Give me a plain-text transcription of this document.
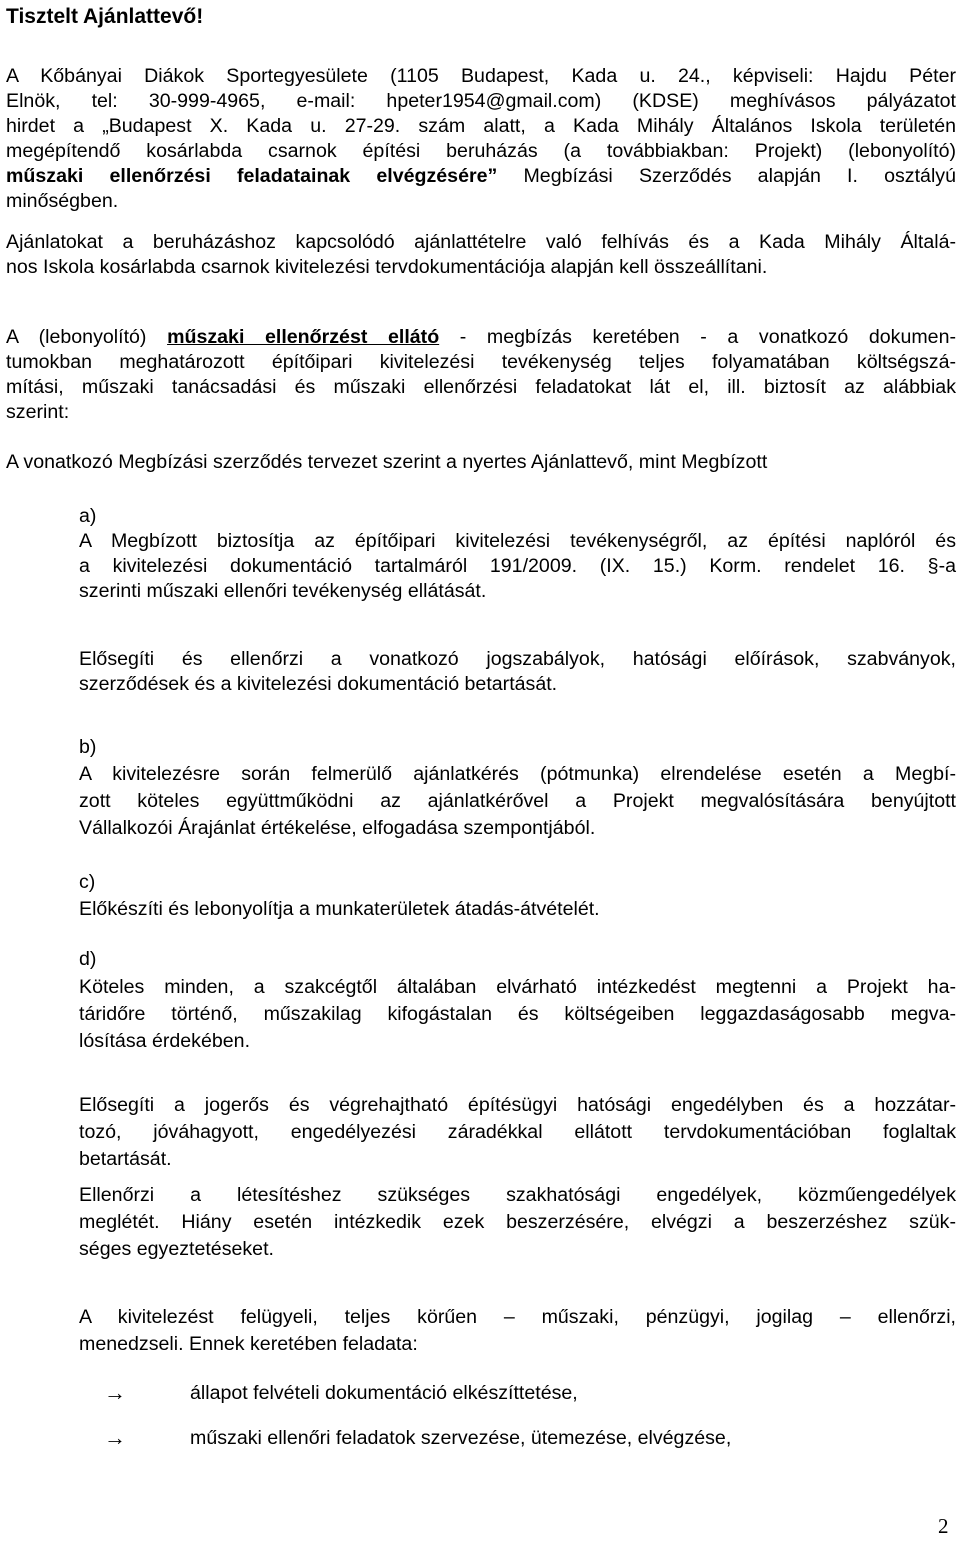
Tisztelt Ajánlattevő!
A Kőbányai Diákok Sportegyesülete (1105 Budapest, Kada u. 24., képviseli: Hajdu Péter
Elnök, tel: 30-999-4965, e-mail: hpeter1954@gmail.com) (KDSE) meghívásos pályázatot
hirdet a „Budapest X. Kada u. 27-29. szám alatt, a Kada Mihály Általános Iskola területén
megépítendő kosárlabda csarnok építési beruházás (a továbbiakban: Projekt) (lebonyolító)
műszaki ellenőrzési feladatainak elvégzésére” Megbízási Szerződés alapján I. osztályú
minőségben.
Ajánlatokat a beruházáshoz kapcsolódó ajánlattételre való felhívás és a Kada Mihály Általá-
nos Iskola kosárlabda csarnok kivitelezési tervdokumentációja alapján kell összeállítani.
A (lebonyolító) műszaki ellenőrzést ellátó - megbízás keretében - a vonatkozó dokumen-
tumokban meghatározott építőipari kivitelezési tevékenység teljes folyamatában költségszá-
mítási, műszaki tanácsadási és műszaki ellenőrzési feladatokat lát el, ill. biztosít az alábbiak
szerint:
A vonatkozó Megbízási szerződés tervezet szerint a nyertes Ajánlattevő, mint Megbízott
a)
A Megbízott biztosítja az építőipari kivitelezési tevékenységről, az építési naplóról és
a kivitelezési dokumentáció tartalmáról 191/2009. (IX. 15.) Korm. rendelet 16. §-a
szerinti műszaki ellenőri tevékenység ellátását.
Elősegíti és ellenőrzi a vonatkozó jogszabályok, hatósági előírások, szabványok,
szerződések és a kivitelezési dokumentáció betartását.
b)
A kivitelezésre során felmerülő ajánlatkérés (pótmunka) elrendelése esetén a Megbí-
zott köteles együttműködni az ajánlatkérővel a Projekt megvalósítására benyújtott
Vállalkozói Árajánlat értékelése, elfogadása szempontjából.
c)
Előkészíti és lebonyolítja a munkaterületek átadás-átvételét.
d)
Köteles minden, a szakcégtől általában elvárható intézkedést megtenni a Projekt ha-
táridőre történő, műszakilag kifogástalan és költségeiben leggazdaságosabb megva-
lósítása érdekében.
Elősegíti a jogerős és végrehajtható építésügyi hatósági engedélyben és a hozzátar-
tozó, jóváhagyott, engedélyezési záradékkal ellátott tervdokumentációban foglaltak
betartását.
Ellenőrzi a létesítéshez szükséges szakhatósági engedélyek, közműengedélyek
meglétét. Hiány esetén intézkedik ezek beszerzésére, elvégzi a beszerzéshez szük-
séges egyeztetéseket.
A kivitelezést felügyeli, teljes körűen – műszaki, pénzügyi, jogilag – ellenőrzi,
menedzseli. Ennek keretében feladata:
→	állapot felvételi dokumentáció elkészíttetése,
→	műszaki ellenőri feladatok szervezése, ütemezése, elvégzése,
2
